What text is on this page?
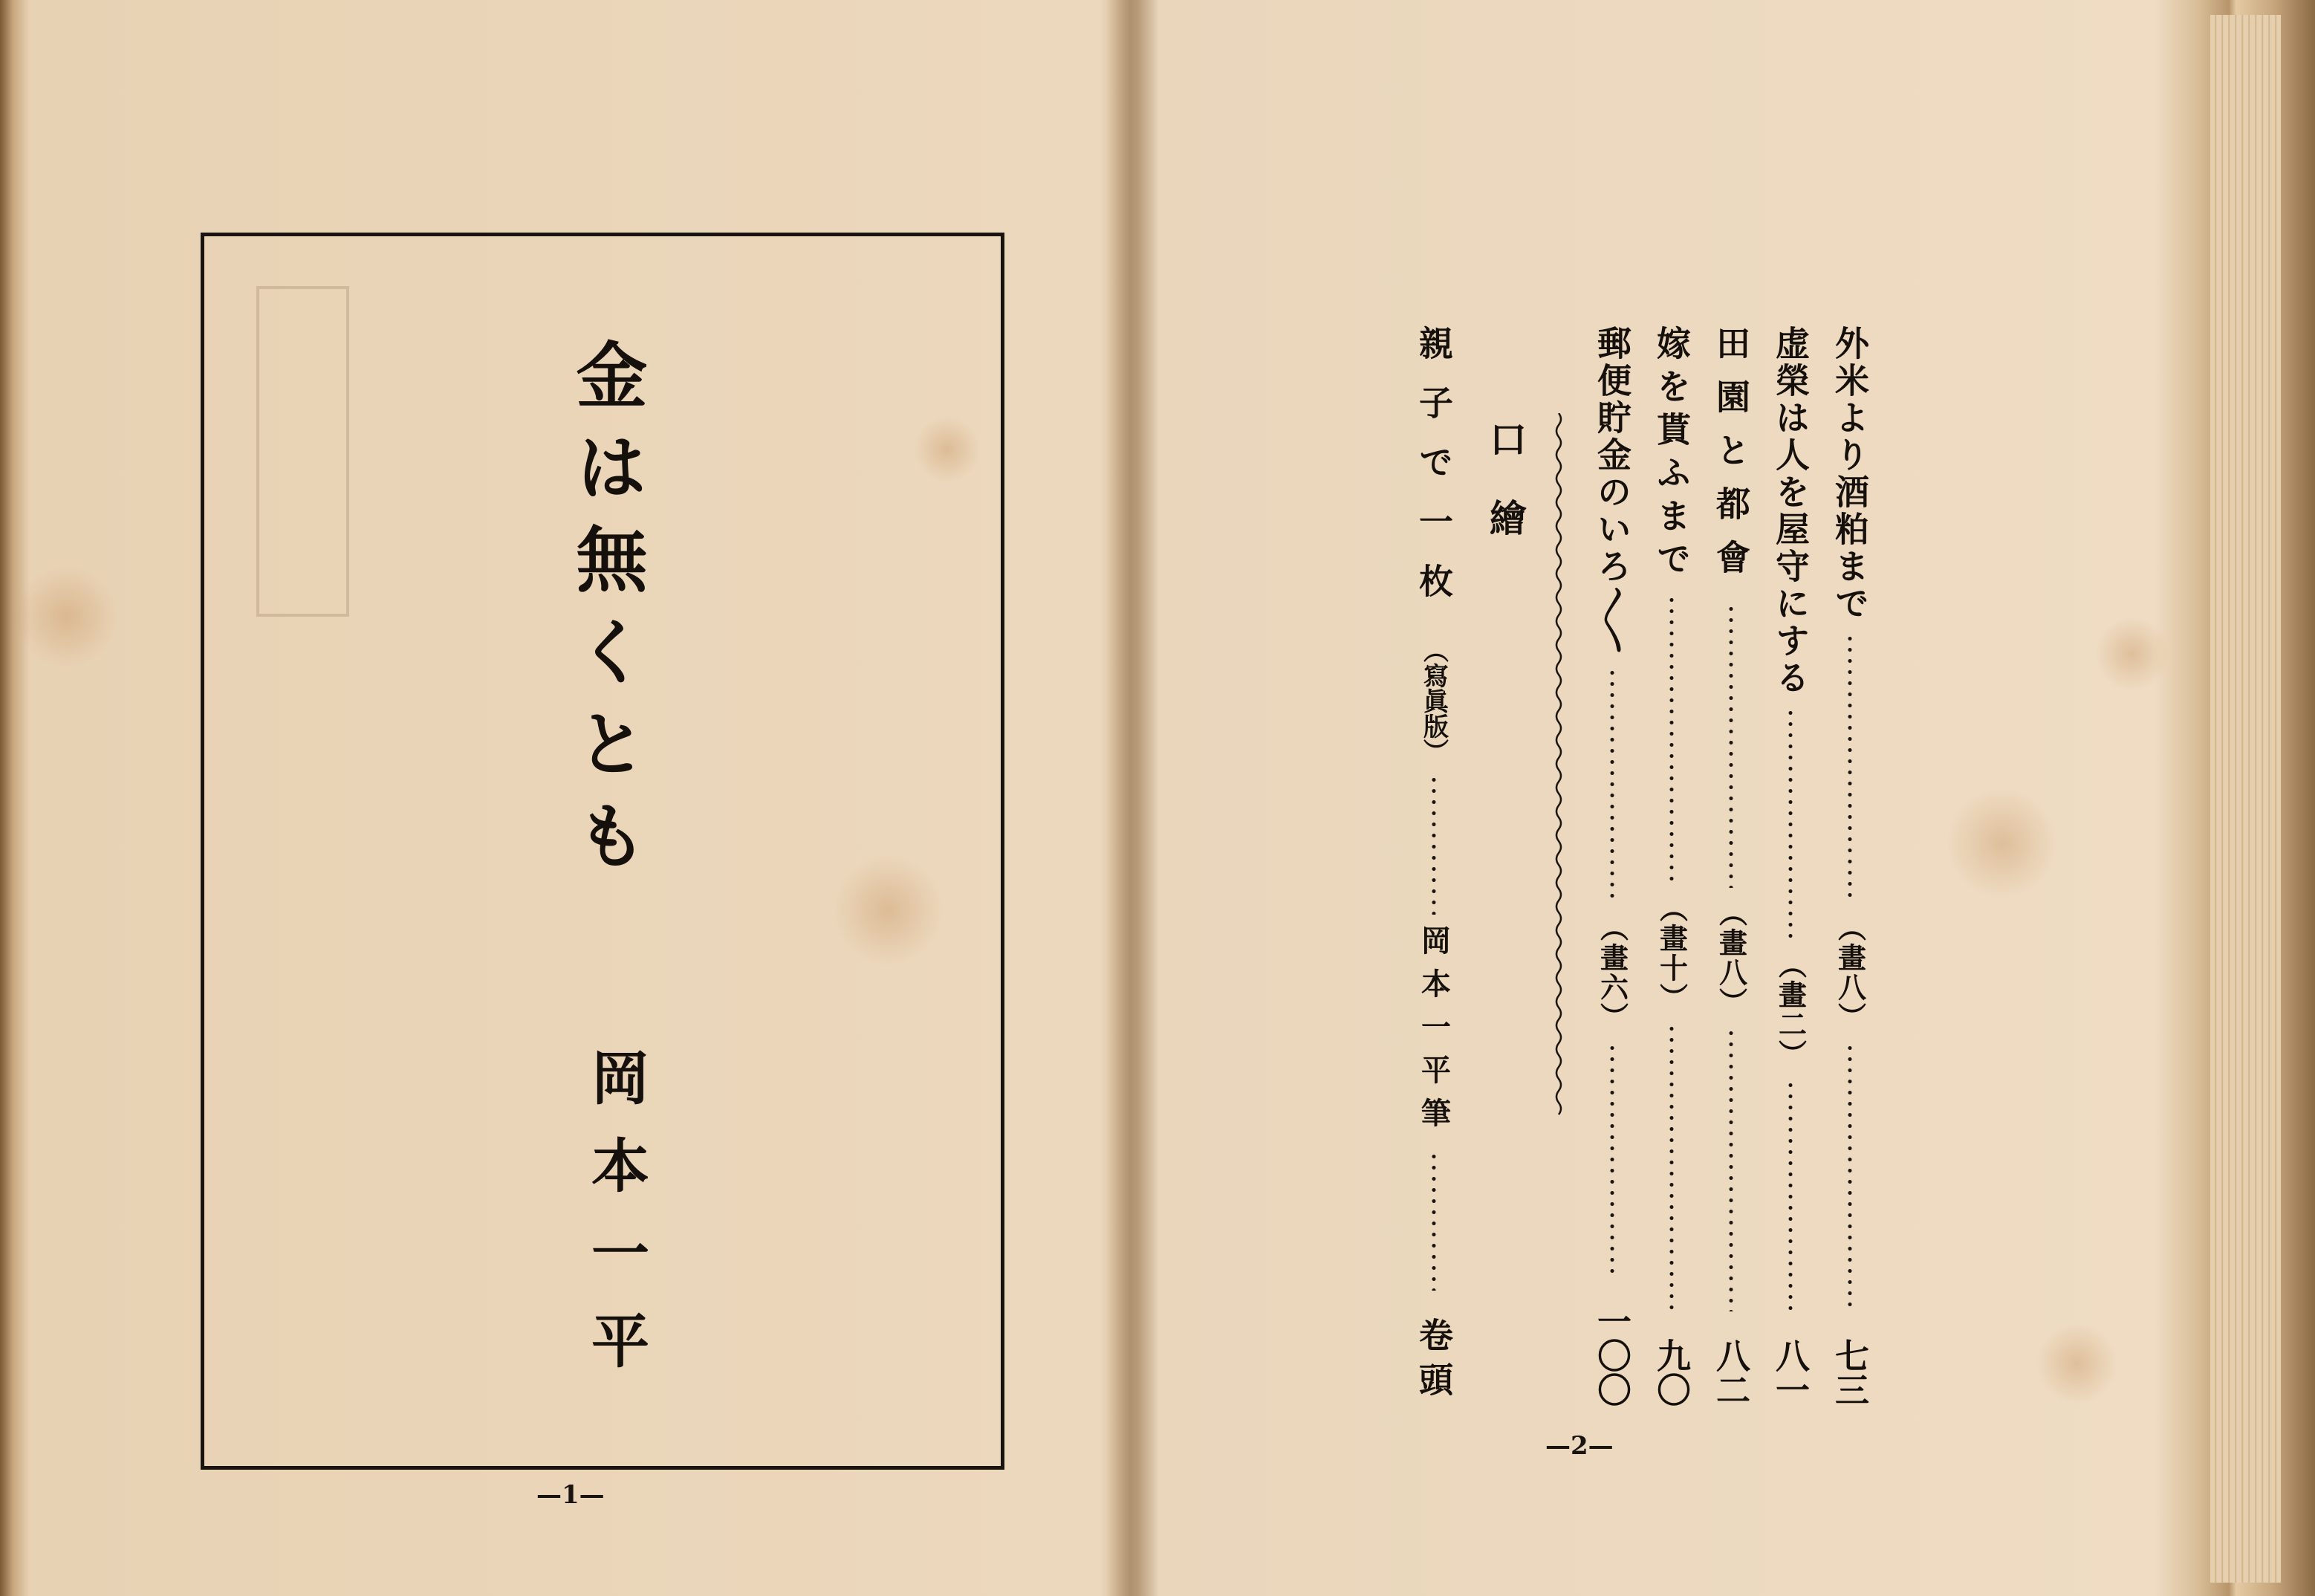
金は無くとも
岡本一平
—1—
外米より酒粕まで
（畫
八）
七三
虚榮は人を屋守にする
（畫
二）
八一
田園と都會
（畫
八）
八二
嫁を貰ふまで
（畫
十）
九〇
郵便貯金のいろ〳〵
（畫
六）
一〇〇
口繪
親子で一枚
（寫眞版）
岡本一平筆
卷頭
—2—
